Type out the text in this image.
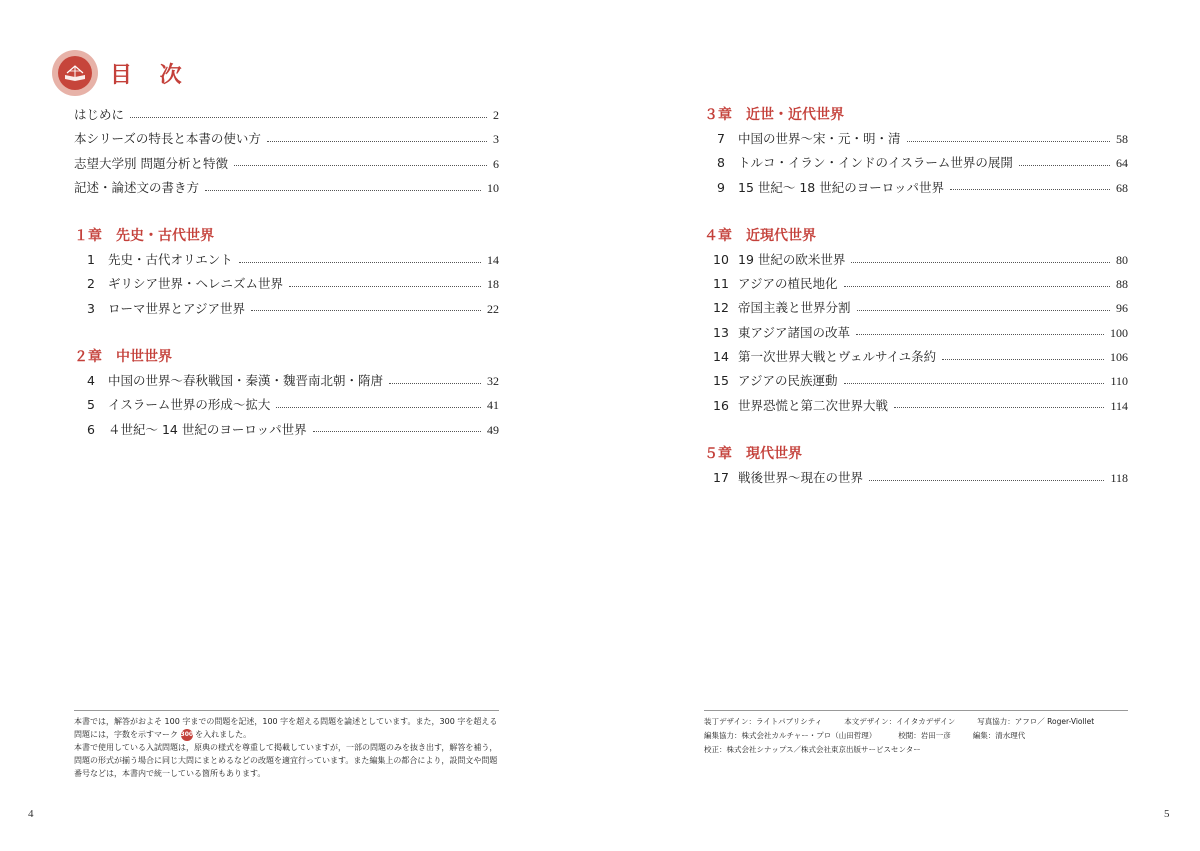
目 次
はじめに	2
本シリーズの特長と本書の使い方	3
志望大学別 問題分析と特徴	6
記述・論述文の書き方	10
１章　先史・古代世界
1	先史・古代オリエント	14
2	ギリシア世界・ヘレニズム世界	18
3	ローマ世界とアジア世界	22
２章　中世世界
4	中国の世界～春秋戦国・秦漢・魏晋南北朝・隋唐	32
5	イスラーム世界の形成～拡大	41
6	４世紀～ 14 世紀のヨーロッパ世界	49

本書では，解答がおよそ 100 字までの問題を記述，100 字を超える問題を論述としています。また，300 字を超える問題には，字数を示すマーク 300 を入れました。

本書で使用している入試問題は，原典の様式を尊重して掲載していますが，一部の問題のみを抜き出す，解答を補う，問題の形式が揃う場合に同じ大問にまとめるなどの改題を適宜行っています。また編集上の都合により，設問文や問題番号などは，本書内で統一している箇所もあります。

4
３章　近世・近代世界
7	中国の世界～宋・元・明・清	58
8	トルコ・イラン・インドのイスラーム世界の展開	64
9	15 世紀～ 18 世紀のヨーロッパ世界	68
４章　近現代世界
10 19 世紀の欧米世界	80
11 アジアの植民地化	88
12 帝国主義と世界分割	96
13 東アジア諸国の改革	100
14 第一次世界大戦とヴェルサイユ条約	106
15 アジアの民族運動	110
16 世界恐慌と第二次世界大戦	114
５章　現代世界
17 戦後世界～現在の世界	118
装丁デザイン：ライトパブリシティ	本文デザイン：イイタカデザイン	写真協力：アフロ／ Roger-Viollet
編集協力：株式会社カルチャー・プロ（山田哲理）	校閲：岩田一彦	編集：清水理代
校正：株式会社シナップス／株式会社東京出版サービスセンター
5
